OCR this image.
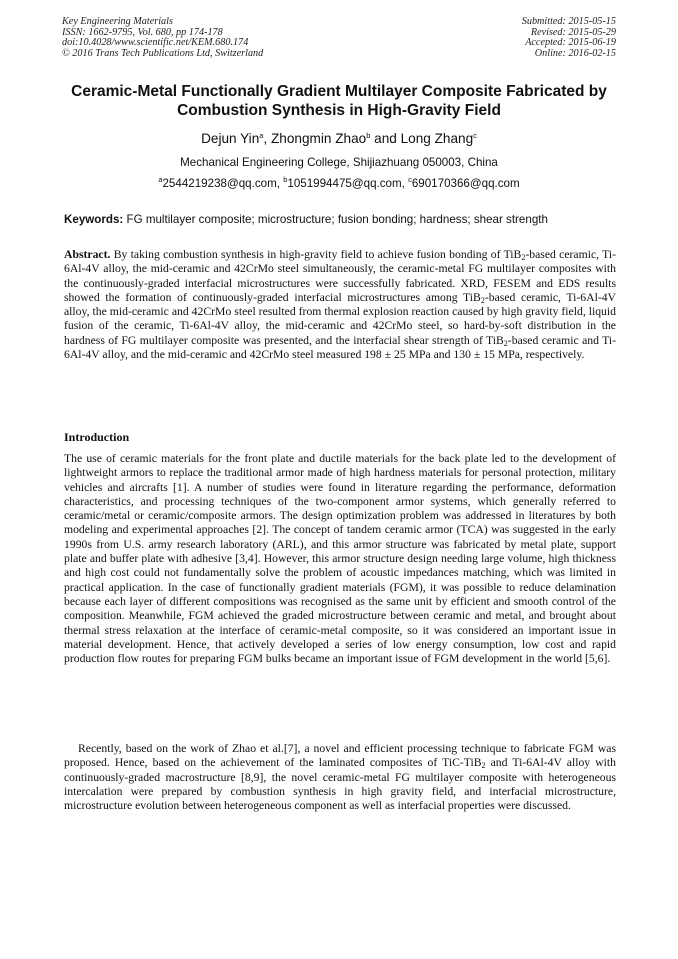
Key Engineering Materials
ISSN: 1662-9795, Vol. 680, pp 174-178
doi:10.4028/www.scientific.net/KEM.680.174
© 2016 Trans Tech Publications Ltd, Switzerland
Submitted: 2015-05-15
Revised: 2015-05-29
Accepted: 2015-06-19
Online: 2016-02-15
Ceramic-Metal Functionally Gradient Multilayer Composite Fabricated by Combustion Synthesis in High-Gravity Field
Dejun Yin$^a$, Zhongmin Zhao$^b$ and Long Zhang$^c$
Mechanical Engineering College, Shijiazhuang 050003, China
$^a$2544219238@qq.com, $^b$1051994475@qq.com, $^c$690170366@qq.com
Keywords: FG multilayer composite; microstructure; fusion bonding; hardness; shear strength

Abstract. By taking combustion synthesis in high-gravity field to achieve fusion bonding of TiB$_2$-based ceramic, Ti-6Al-4V alloy, the mid-ceramic and 42CrMo steel simultaneously, the ceramic-metal FG multilayer composites with the continuously-graded interfacial microstructures were successfully fabricated. XRD, FESEM and EDS results showed the formation of continuously-graded interfacial microstructures among TiB$_2$-based ceramic, Ti-6Al-4V alloy, the mid-ceramic and 42CrMo steel resulted from thermal explosion reaction caused by high gravity field, liquid fusion of the ceramic, Ti-6Al-4V alloy, the mid-ceramic and 42CrMo steel, so hard-by-soft distribution in the hardness of FG multilayer composite was presented, and the interfacial shear strength of TiB$_2$-based ceramic and Ti-6Al-4V alloy, and the mid-ceramic and 42CrMo steel measured 198 ± 25 MPa and 130 ± 15 MPa, respectively.

Introduction

The use of ceramic materials for the front plate and ductile materials for the back plate led to the development of lightweight armors to replace the traditional armor made of high hardness materials for personal protection, military vehicles and aircrafts [1]. A number of studies were found in literature regarding the performance, deformation characteristics, and processing techniques of the two-component armor systems, which generally referred to ceramic/metal or ceramic/composite armors. The design optimization problem was addressed in literatures by both modeling and experimental approaches [2]. The concept of tandem ceramic armor (TCA) was suggested in the early 1990s from U.S. army research laboratory (ARL), and this armor structure was fabricated by metal plate, support plate and buffer plate with adhesive [3,4]. However, this armor structure design needing large volume, high thickness and high cost could not fundamentally solve the problem of acoustic impedances matching, which was limited in practical application. In the case of functionally gradient materials (FGM), it was possible to reduce delamination because each layer of different compositions was recognised as the same unit by efficient and smooth control of the composition. Meanwhile, FGM achieved the graded microstructure between ceramic and metal, and brought about thermal stress relaxation at the interface of ceramic-metal composite, so it was considered an important issue in material development. Hence, that actively developed a series of low energy consumption, low cost and rapid production flow routes for preparing FGM bulks became an important issue of FGM development in the world [5,6].

Recently, based on the work of Zhao et al.[7], a novel and efficient processing technique to fabricate FGM was proposed. Hence, based on the achievement of the laminated composites of TiC-TiB$_2$ and Ti-6Al-4V alloy with continuously-graded macrostructure [8,9], the novel ceramic-metal FG multilayer composite with heterogeneous intercalation were prepared by combustion synthesis in high gravity field, and interfacial microstructure, microstructure evolution between heterogeneous component as well as interfacial properties were discussed.
